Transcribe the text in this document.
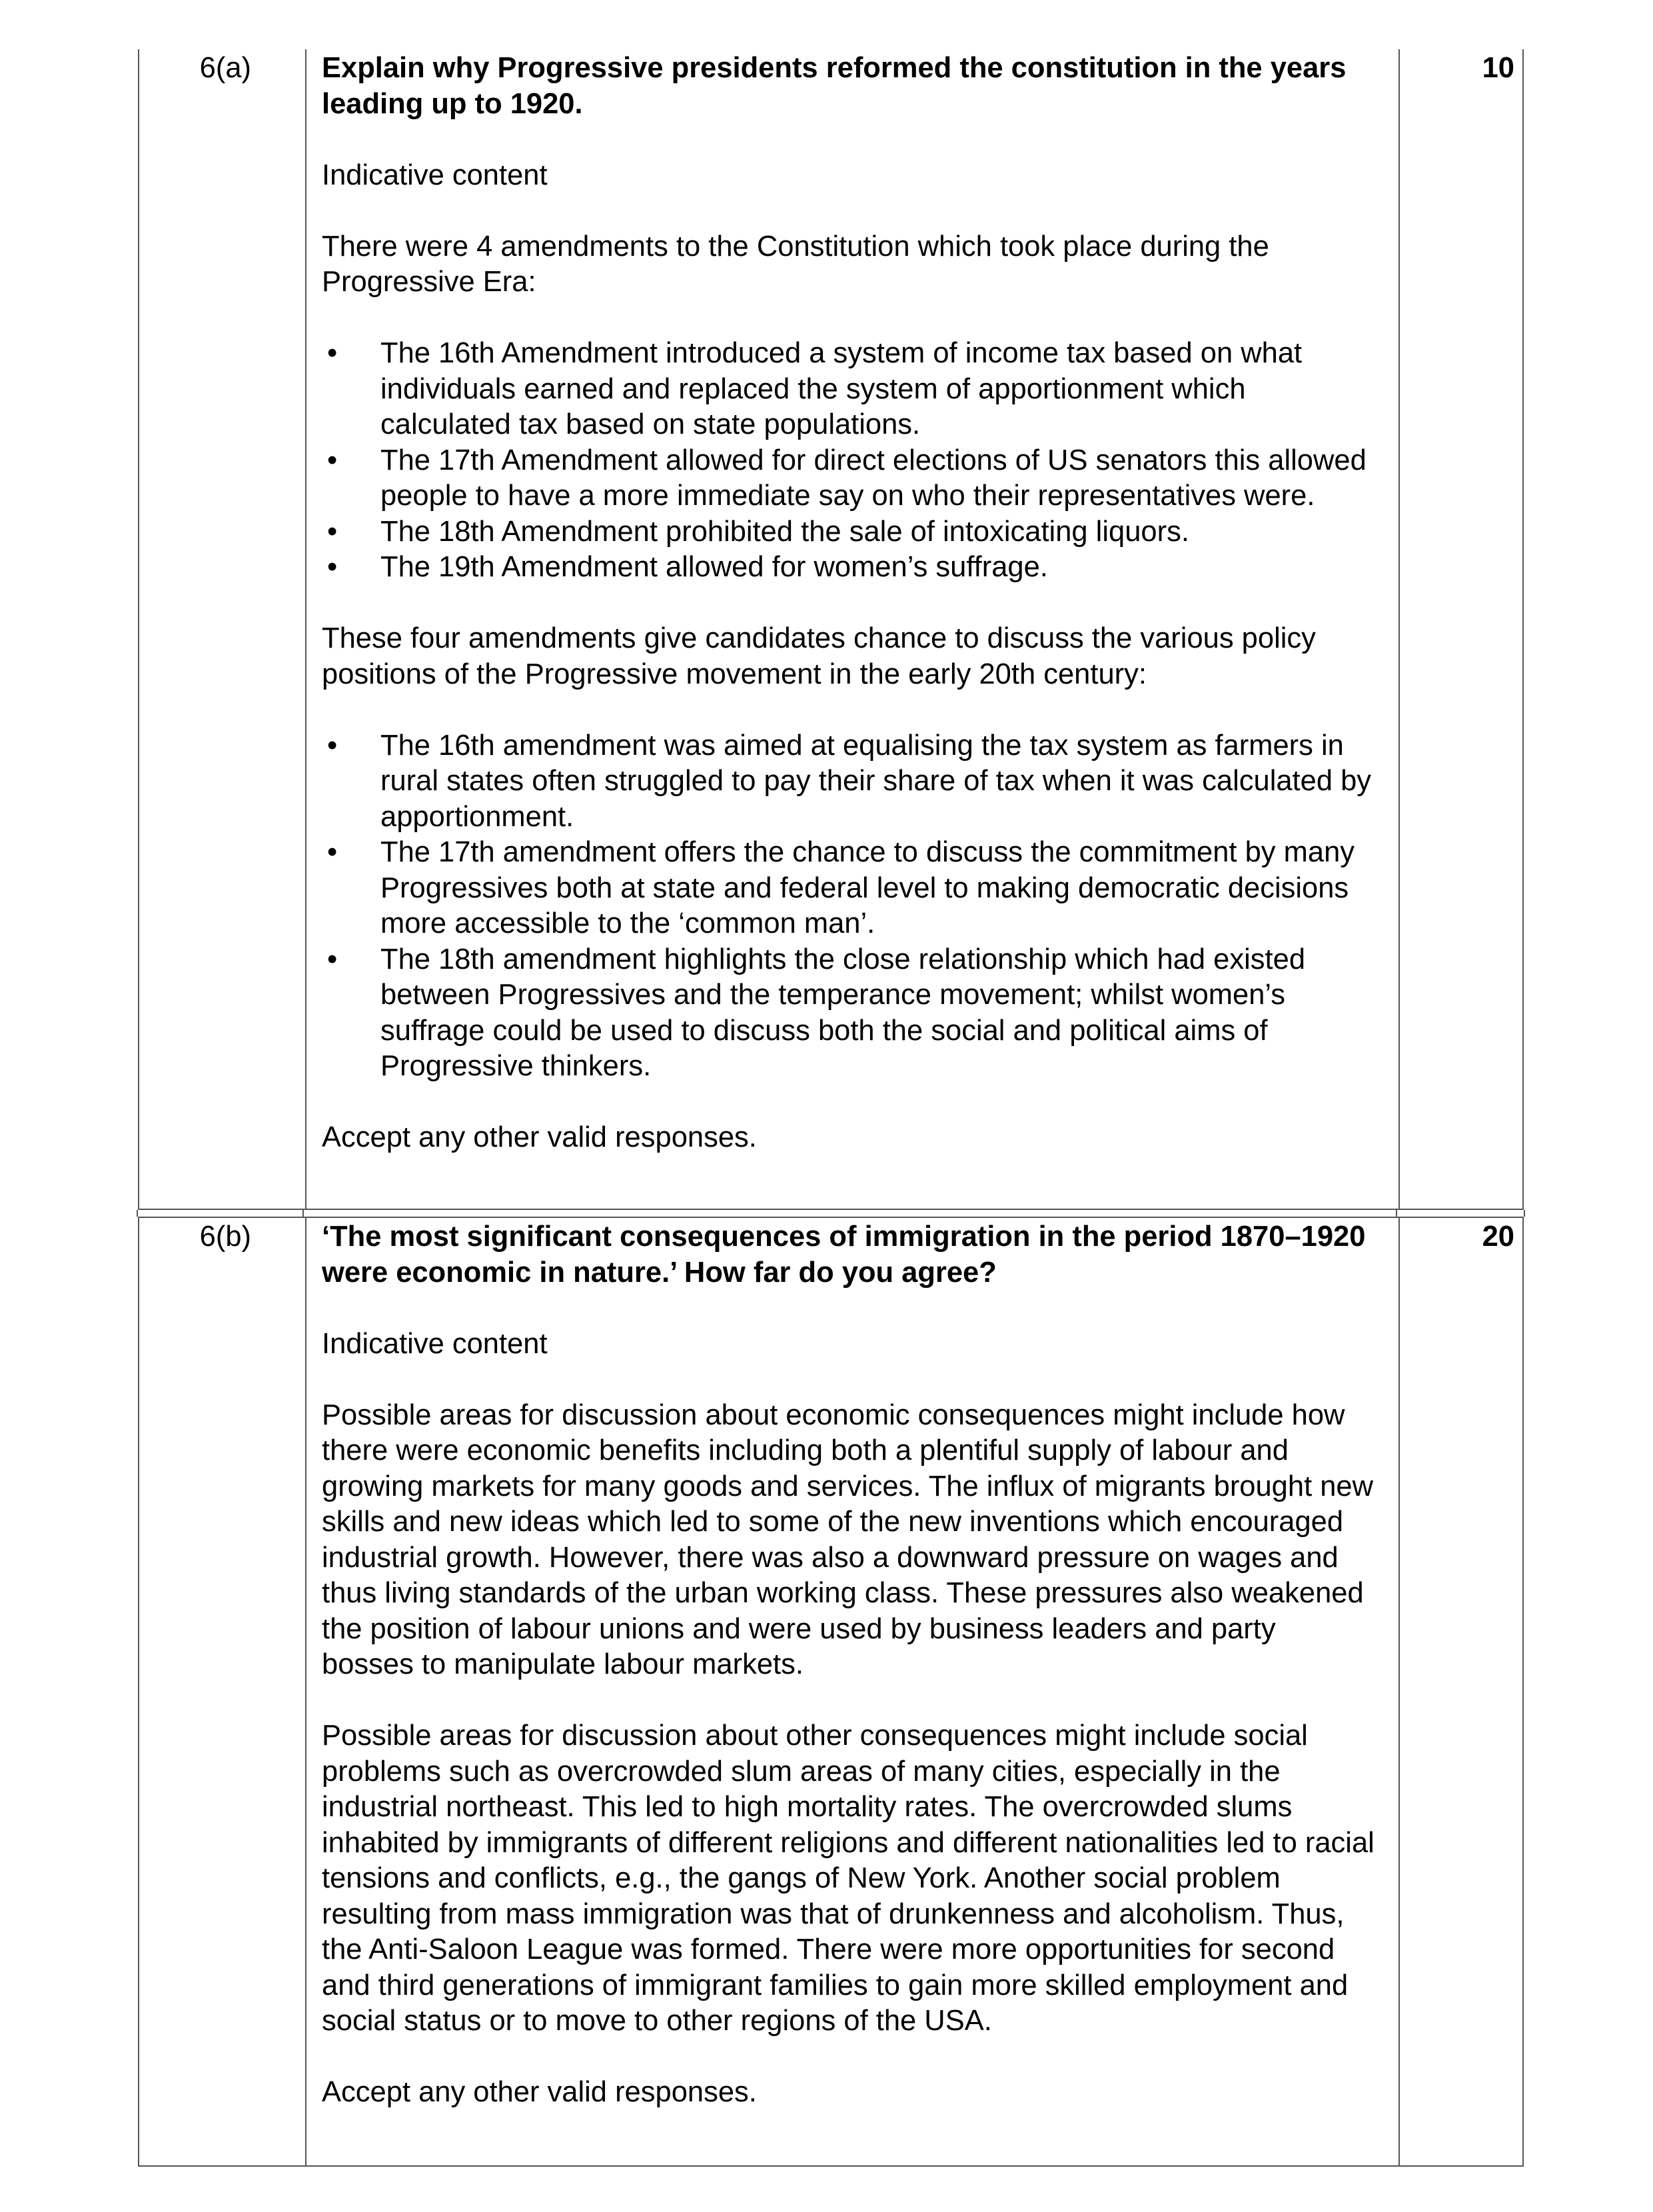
6(a)	10

Explain why Progressive presidents reformed the constitution in the years leading up to 1920.

Indicative content

There were 4 amendments to the Constitution which took place during the Progressive Era:

• The 16th Amendment introduced a system of income tax based on what individuals earned and replaced the system of apportionment which calculated tax based on state populations.
• The 17th Amendment allowed for direct elections of US senators this allowed people to have a more immediate say on who their representatives were.
• The 18th Amendment prohibited the sale of intoxicating liquors.
• The 19th Amendment allowed for women’s suffrage.

These four amendments give candidates chance to discuss the various policy positions of the Progressive movement in the early 20th century:

• The 16th amendment was aimed at equalising the tax system as farmers in rural states often struggled to pay their share of tax when it was calculated by apportionment.
• The 17th amendment offers the chance to discuss the commitment by many Progressives both at state and federal level to making democratic decisions more accessible to the ‘common man’.
• The 18th amendment highlights the close relationship which had existed between Progressives and the temperance movement; whilst women’s suffrage could be used to discuss both the social and political aims of Progressive thinkers.

Accept any other valid responses.

6(b)	20

‘The most significant consequences of immigration in the period 1870–1920 were economic in nature.’ How far do you agree?

Indicative content

Possible areas for discussion about economic consequences might include how there were economic benefits including both a plentiful supply of labour and growing markets for many goods and services. The influx of migrants brought new skills and new ideas which led to some of the new inventions which encouraged industrial growth. However, there was also a downward pressure on wages and thus living standards of the urban working class. These pressures also weakened the position of labour unions and were used by business leaders and party bosses to manipulate labour markets.

Possible areas for discussion about other consequences might include social problems such as overcrowded slum areas of many cities, especially in the industrial northeast. This led to high mortality rates. The overcrowded slums inhabited by immigrants of different religions and different nationalities led to racial tensions and conflicts, e.g., the gangs of New York. Another social problem resulting from mass immigration was that of drunkenness and alcoholism. Thus, the Anti-Saloon League was formed. There were more opportunities for second and third generations of immigrant families to gain more skilled employment and social status or to move to other regions of the USA.

Accept any other valid responses.
